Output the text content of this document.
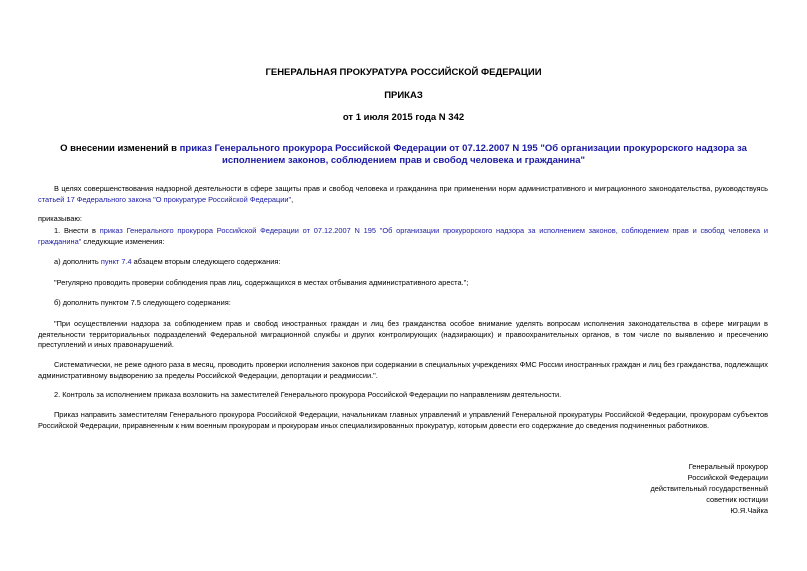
ГЕНЕРАЛЬНАЯ ПРОКУРАТУРА РОССИЙСКОЙ ФЕДЕРАЦИИ
ПРИКАЗ
от 1 июля 2015 года N 342
О внесении изменений в приказ Генерального прокурора Российской Федерации от 07.12.2007 N 195 "Об организации прокурорского надзора за исполнением законов, соблюдением прав и свобод человека и гражданина"
В целях совершенствования надзорной деятельности в сфере защиты прав и свобод человека и гражданина при применении норм административного и миграционного законодательства, руководствуясь статьей 17 Федерального закона "О прокуратуре Российской Федерации",
приказываю:
1. Внести в приказ Генерального прокурора Российской Федерации от 07.12.2007 N 195 "Об организации прокурорского надзора за исполнением законов, соблюдением прав и свобод человека и гражданина" следующие изменения:
а) дополнить пункт 7.4 абзацем вторым следующего содержания:
"Регулярно проводить проверки соблюдения прав лиц, содержащихся в местах отбывания административного ареста.";
б) дополнить пунктом 7.5 следующего содержания:
"При осуществлении надзора за соблюдением прав и свобод иностранных граждан и лиц без гражданства особое внимание уделять вопросам исполнения законодательства в сфере миграции в деятельности территориальных подразделений Федеральной миграционной службы и других контролирующих (надзирающих) и правоохранительных органов, в том числе по выявлению и пресечению преступлений и иных правонарушений.
Систематически, не реже одного раза в месяц, проводить проверки исполнения законов при содержании в специальных учреждениях ФМС России иностранных граждан и лиц без гражданства, подлежащих административному выдворению за пределы Российской Федерации, депортации и реадмиссии.".
2. Контроль за исполнением приказа возложить на заместителей Генерального прокурора Российской Федерации по направлениям деятельности.
Приказ направить заместителям Генерального прокурора Российской Федерации, начальникам главных управлений и управлений Генеральной прокуратуры Российской Федерации, прокурорам субъектов Российской Федерации, приравненным к ним военным прокурорам и прокурорам иных специализированных прокуратур, которым довести его содержание до сведения подчиненных работников.
Генеральный прокурор
Российской Федерации
действительный государственный
советник юстиции
Ю.Я.Чайка
